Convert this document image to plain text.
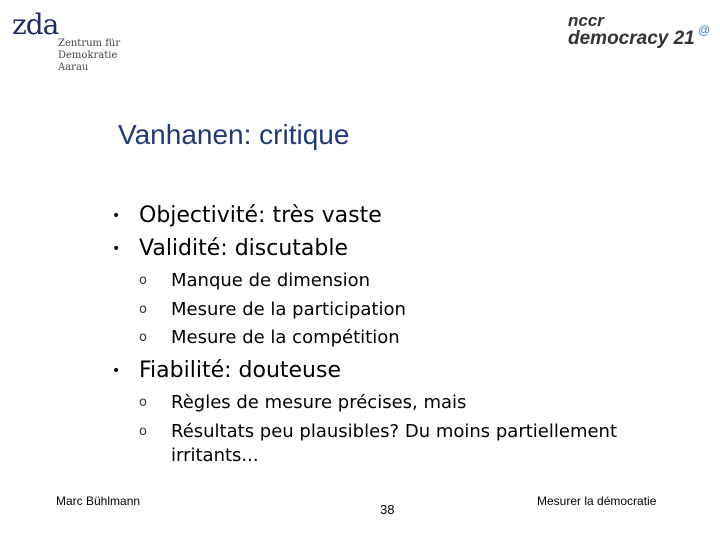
zda
Zentrum für
Demokratie
Aarau
nccr
democracy 21 @
Vanhanen: critique
• Objectivité: très vaste
• Validité: discutable
o Manque de dimension
o Mesure de la participation
o Mesure de la compétition
• Fiabilité: douteuse
o Règles de mesure précises, mais
o Résultats peu plausibles? Du moins partiellement
irritants...
Marc Bühlmann
38
Mesurer la démocratie
